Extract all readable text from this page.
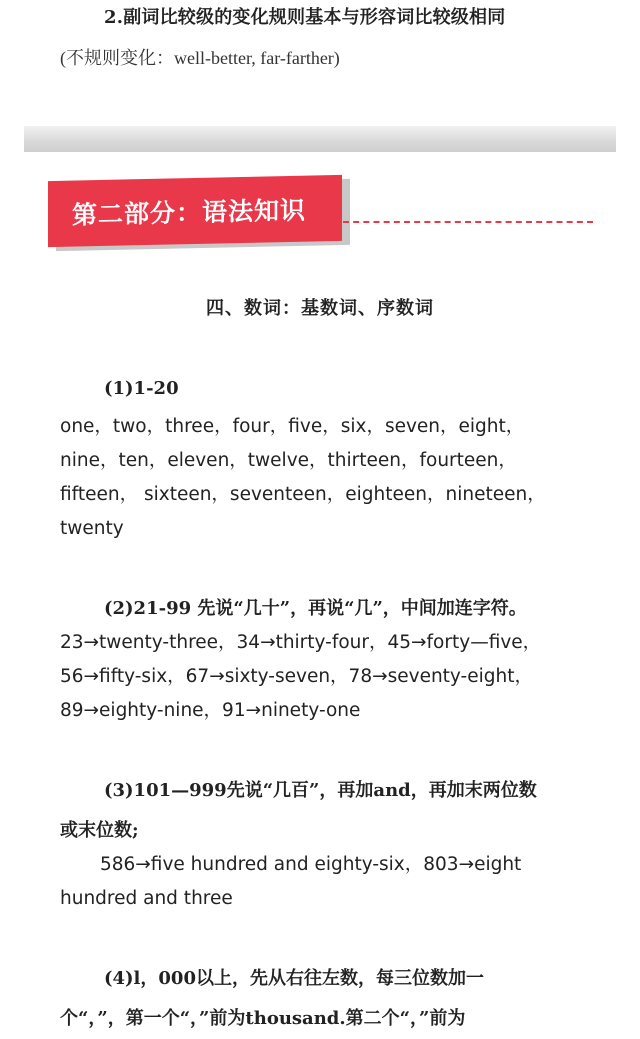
2.副词比较级的变化规则基本与形容词比较级相同
(不规则变化：well-better, far-farther)
第二部分：语法知识
四、数词：基数词、序数词
(1)1-20
one，two，three，four，five，six，seven，eight，
nine，ten，eleven，twelve，thirteen，fourteen，
fifteen， sixteen，seventeen，eighteen，nineteen，
twenty
(2)21-99 先说“几十”，再说“几”，中间加连字符。
23→twenty-three，34→thirty-four，45→forty—five，
56→fifty-six，67→sixty-seven，78→seventy-eight，
89→eighty-nine，91→ninety-one
(3)101—999先说“几百”，再加and，再加末两位数
或末位数;
586→five hundred and eighty-six，803→eight
hundred and three
(4)l，000以上，先从右往左数，每三位数加一
个“，”，第一个“，”前为thousand.第二个“，”前为
